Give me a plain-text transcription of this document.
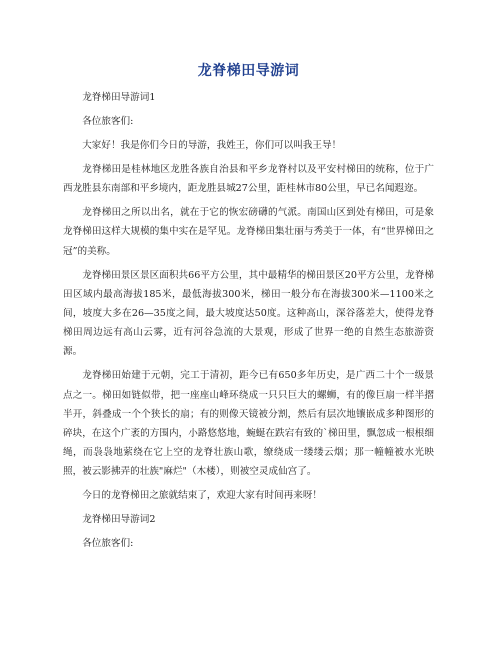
龙脊梯田导游词

龙脊梯田导游词1

各位旅客们:

大家好！我是你们今日的导游，我姓王，你们可以叫我王导！

龙脊梯田是桂林地区龙胜各族自治县和平乡龙脊村以及平安村梯田的统称，位于广西龙胜县东南部和平乡境内，距龙胜县城27公里，距桂林市80公里，早已名闻遐迩。

龙脊梯田之所以出名，就在于它的恢宏磅礴的气派。南国山区到处有梯田，可是象龙脊梯田这样大规模的集中实在是罕见。龙脊梯田集壮丽与秀美于一体，有“世界梯田之冠”的美称。

龙脊梯田景区景区面积共66平方公里，其中最精华的梯田景区20平方公里，龙脊梯田区域内最高海拔185米，最低海拔300米，梯田一般分布在海拔300米—1100米之间，坡度大多在26—35度之间，最大坡度达50度。这种高山，深谷落差大，使得龙脊梯田周边远有高山云雾，近有河谷急流的大景观，形成了世界一绝的自然生态旅游资源。

龙脊梯田始建于元朝，完工于清初，距今已有650多年历史，是广西二十个一级景点之一。梯田如链似带，把一座座山峰环绕成一只只巨大的螺蛳，有的像巨扇一样半摺半开，斜叠成一个个狭长的扇；有的则像天镜被分割，然后有层次地镶嵌成多种图形的碎块，在这个广袤的方围内，小路悠悠地，蜿蜒在跌宕有致的`梯田里，飘忽成一根根细绳，而袅袅地萦绕在它上空的龙脊壮族山歌，缭绕成一缕缕云烟；那一幢幢被水光映照，被云影拂弄的壮族"麻烂"（木楼），则被空灵成仙宫了。

今日的龙脊梯田之旅就结束了，欢迎大家有时间再来呀！

龙脊梯田导游词2

各位旅客们:
